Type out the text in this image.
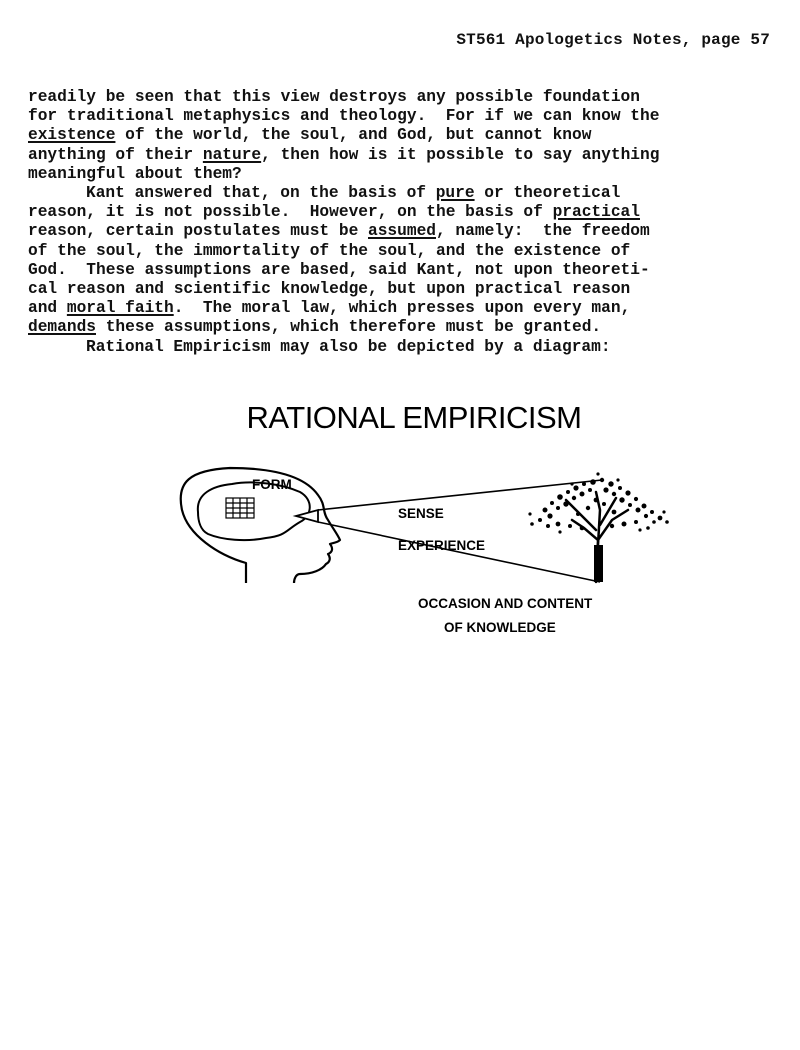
ST561 Apologetics Notes, page 57
readily be seen that this view destroys any possible foundation
for traditional metaphysics and theology.  For if we can know the
existence of the world, the soul, and God, but cannot know
anything of their nature, then how is it possible to say anything
meaningful about them?
Kant answered that, on the basis of pure or theoretical
reason, it is not possible.  However, on the basis of practical
reason, certain postulates must be assumed, namely:  the freedom
of the soul, the immortality of the soul, and the existence of
God.  These assumptions are based, said Kant, not upon theoreti-
cal reason and scientific knowledge, but upon practical reason
and moral faith.  The moral law, which presses upon every man,
demands these assumptions, which therefore must be granted.
Rational Empiricism may also be depicted by a diagram:
RATIONAL EMPIRICISM
FORM
SENSE
EXPERIENCE
OCCASION AND CONTENT
OF KNOWLEDGE
